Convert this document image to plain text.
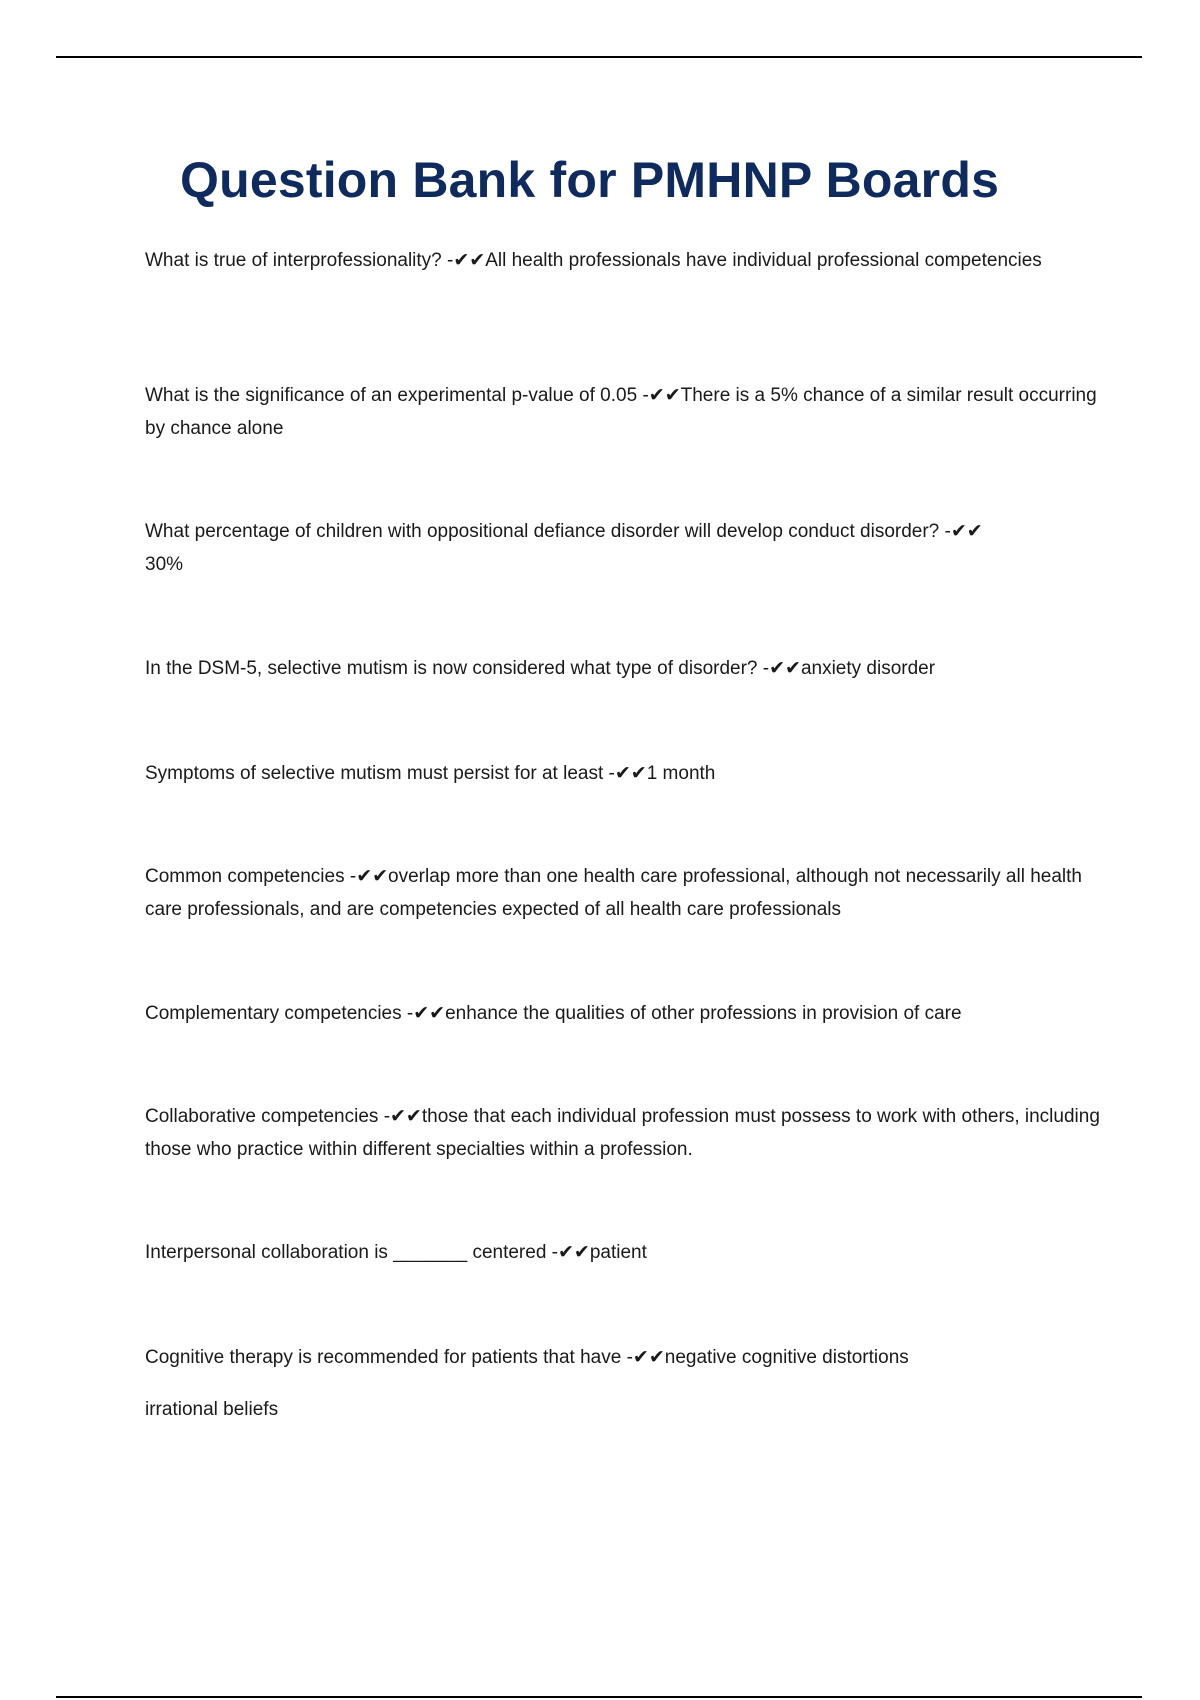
Question Bank for PMHNP Boards

What is true of interprofessionality? -✔✔All health professionals have individual professional competencies

What is the significance of an experimental p-value of 0.05 -✔✔There is a 5% chance of a similar result occurring by chance alone

What percentage of children with oppositional defiance disorder will develop conduct disorder? -✔✔
30%

In the DSM-5, selective mutism is now considered what type of disorder? -✔✔anxiety disorder

Symptoms of selective mutism must persist for at least -✔✔1 month

Common competencies -✔✔overlap more than one health care professional, although not necessarily all health care professionals, and are competencies expected of all health care professionals

Complementary competencies -✔✔enhance the qualities of other professions in provision of care

Collaborative competencies -✔✔those that each individual profession must possess to work with others, including those who practice within different specialties within a profession.

Interpersonal collaboration is _______ centered -✔✔patient

Cognitive therapy is recommended for patients that have -✔✔negative cognitive distortions

irrational beliefs
